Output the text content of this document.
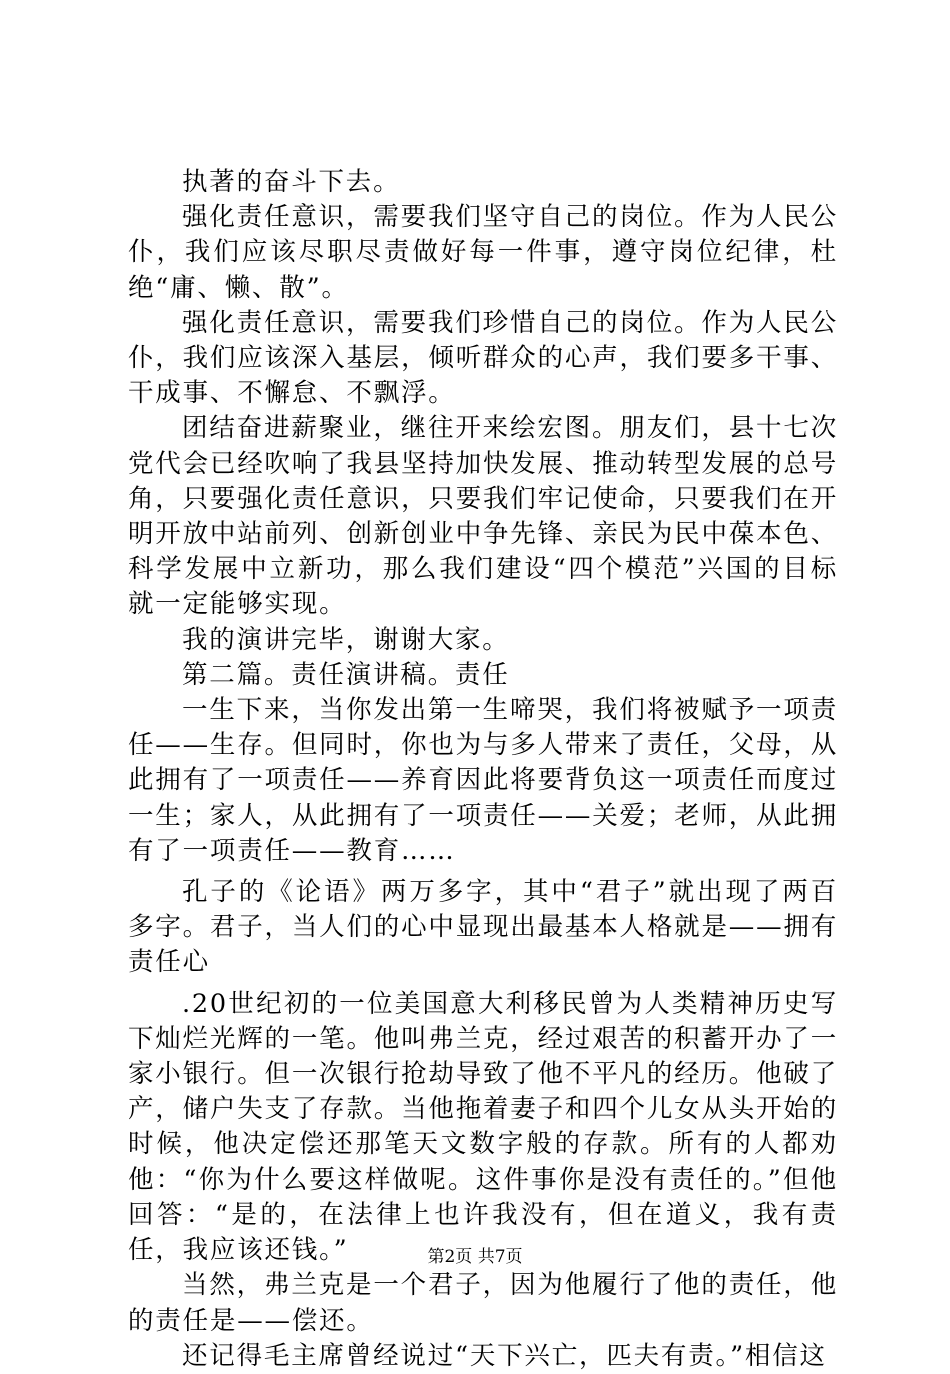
执著的奋斗下去。

强化责任意识，需要我们坚守自己的岗位。作为人民公仆，我们应该尽职尽责做好每一件事，遵守岗位纪律，杜绝“庸、懒、散”。

强化责任意识，需要我们珍惜自己的岗位。作为人民公仆，我们应该深入基层，倾听群众的心声，我们要多干事、干成事、不懈怠、不飘浮。

团结奋进薪聚业，继往开来绘宏图。朋友们，县十七次党代会已经吹响了我县坚持加快发展、推动转型发展的总号角，只要强化责任意识，只要我们牢记使命，只要我们在开明开放中站前列、创新创业中争先锋、亲民为民中葆本色、科学发展中立新功，那么我们建设“四个模范”兴国的目标就一定能够实现。

我的演讲完毕，谢谢大家。

第二篇。责任演讲稿。责任

一生下来，当你发出第一生啼哭，我们将被赋予一项责任——生存。但同时，你也为与多人带来了责任，父母，从此拥有了一项责任——养育因此将要背负这一项责任而度过一生；家人，从此拥有了一项责任——关爱；老师，从此拥有了一项责任——教育……

孔子的《论语》两万多字，其中“君子”就出现了两百多字。君子，当人们的心中显现出最基本人格就是——拥有责任心

.20世纪初的一位美国意大利移民曾为人类精神历史写下灿烂光辉的一笔。他叫弗兰克，经过艰苦的积蓄开办了一家小银行。但一次银行抢劫导致了他不平凡的经历。他破了产，储户失支了存款。当他拖着妻子和四个儿女从头开始的时候，他决定偿还那笔天文数字般的存款。所有的人都劝他：“你为什么要这样做呢。这件事你是没有责任的。”但他回答：“是的，在法律上也许我没有，但在道义，我有责任，我应该还钱。”

当然，弗兰克是一个君子，因为他履行了他的责任，他的责任是——偿还。

还记得毛主席曾经说过“天下兴亡，匹夫有责。”相信这

第2页 共7页
